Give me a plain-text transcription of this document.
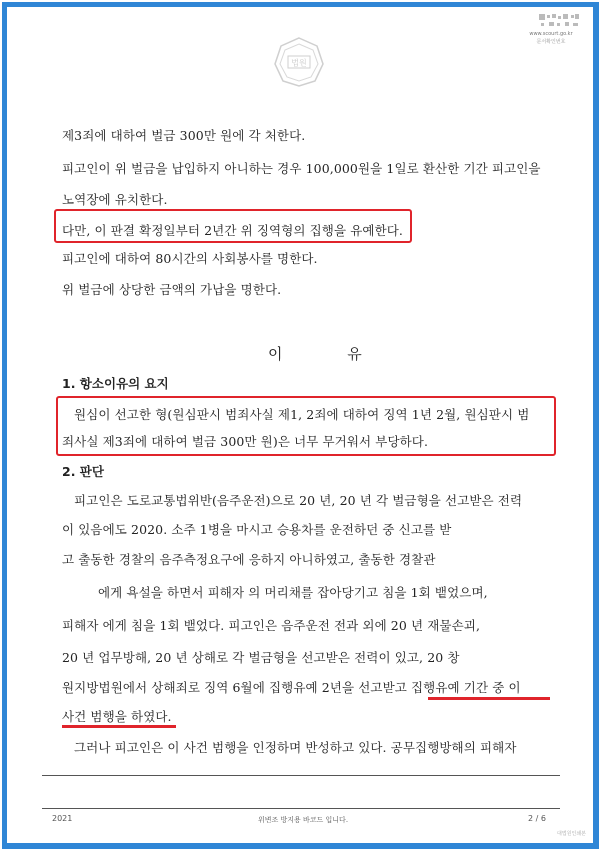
법원
www.scourt.go.kr
문서확인번호
제3죄에 대하여 벌금 300만 원에 각 처한다.
피고인이 위 벌금을 납입하지 아니하는 경우 100,000원을 1일로 환산한 기간 피고인을
노역장에 유치한다.
다만, 이 판결 확정일부터 2년간 위 징역형의 집행을 유예한다.
피고인에 대하여 80시간의 사회봉사를 명한다.
위 벌금에 상당한 금액의 가납을 명한다.
이 유
1. 항소이유의 요지
원심이 선고한 형(원심판시 범죄사실 제1, 2죄에 대하여 징역 1년 2월, 원심판시 범
죄사실 제3죄에 대하여 벌금 300만 원)은 너무 무거워서 부당하다.
2. 판단
피고인은 도로교통법위반(음주운전)으로 20 년, 20 년 각 벌금형을 선고받은 전력
이 있음에도 2020. 소주 1병을 마시고 승용차를 운전하던 중 신고를 받
고 출동한 경찰의 음주측정요구에 응하지 아니하였고, 출동한 경찰관
에게 욕설을 하면서 피해자 의 머리채를 잡아당기고 침을 1회 뱉었으며,
피해자 에게 침을 1회 뱉었다. 피고인은 음주운전 전과 외에 20 년 재물손괴,
20 년 업무방해, 20 년 상해로 각 벌금형을 선고받은 전력이 있고, 20 창
원지방법원에서 상해죄로 징역 6월에 집행유예 2년을 선고받고 집행유예 기간 중 이
사건 범행을 하였다.
그러나 피고인은 이 사건 범행을 인정하며 반성하고 있다. 공무집행방해의 피해자
2021	위변조 방지용 바코드 입니다.	2 / 6
대법원인쇄본
